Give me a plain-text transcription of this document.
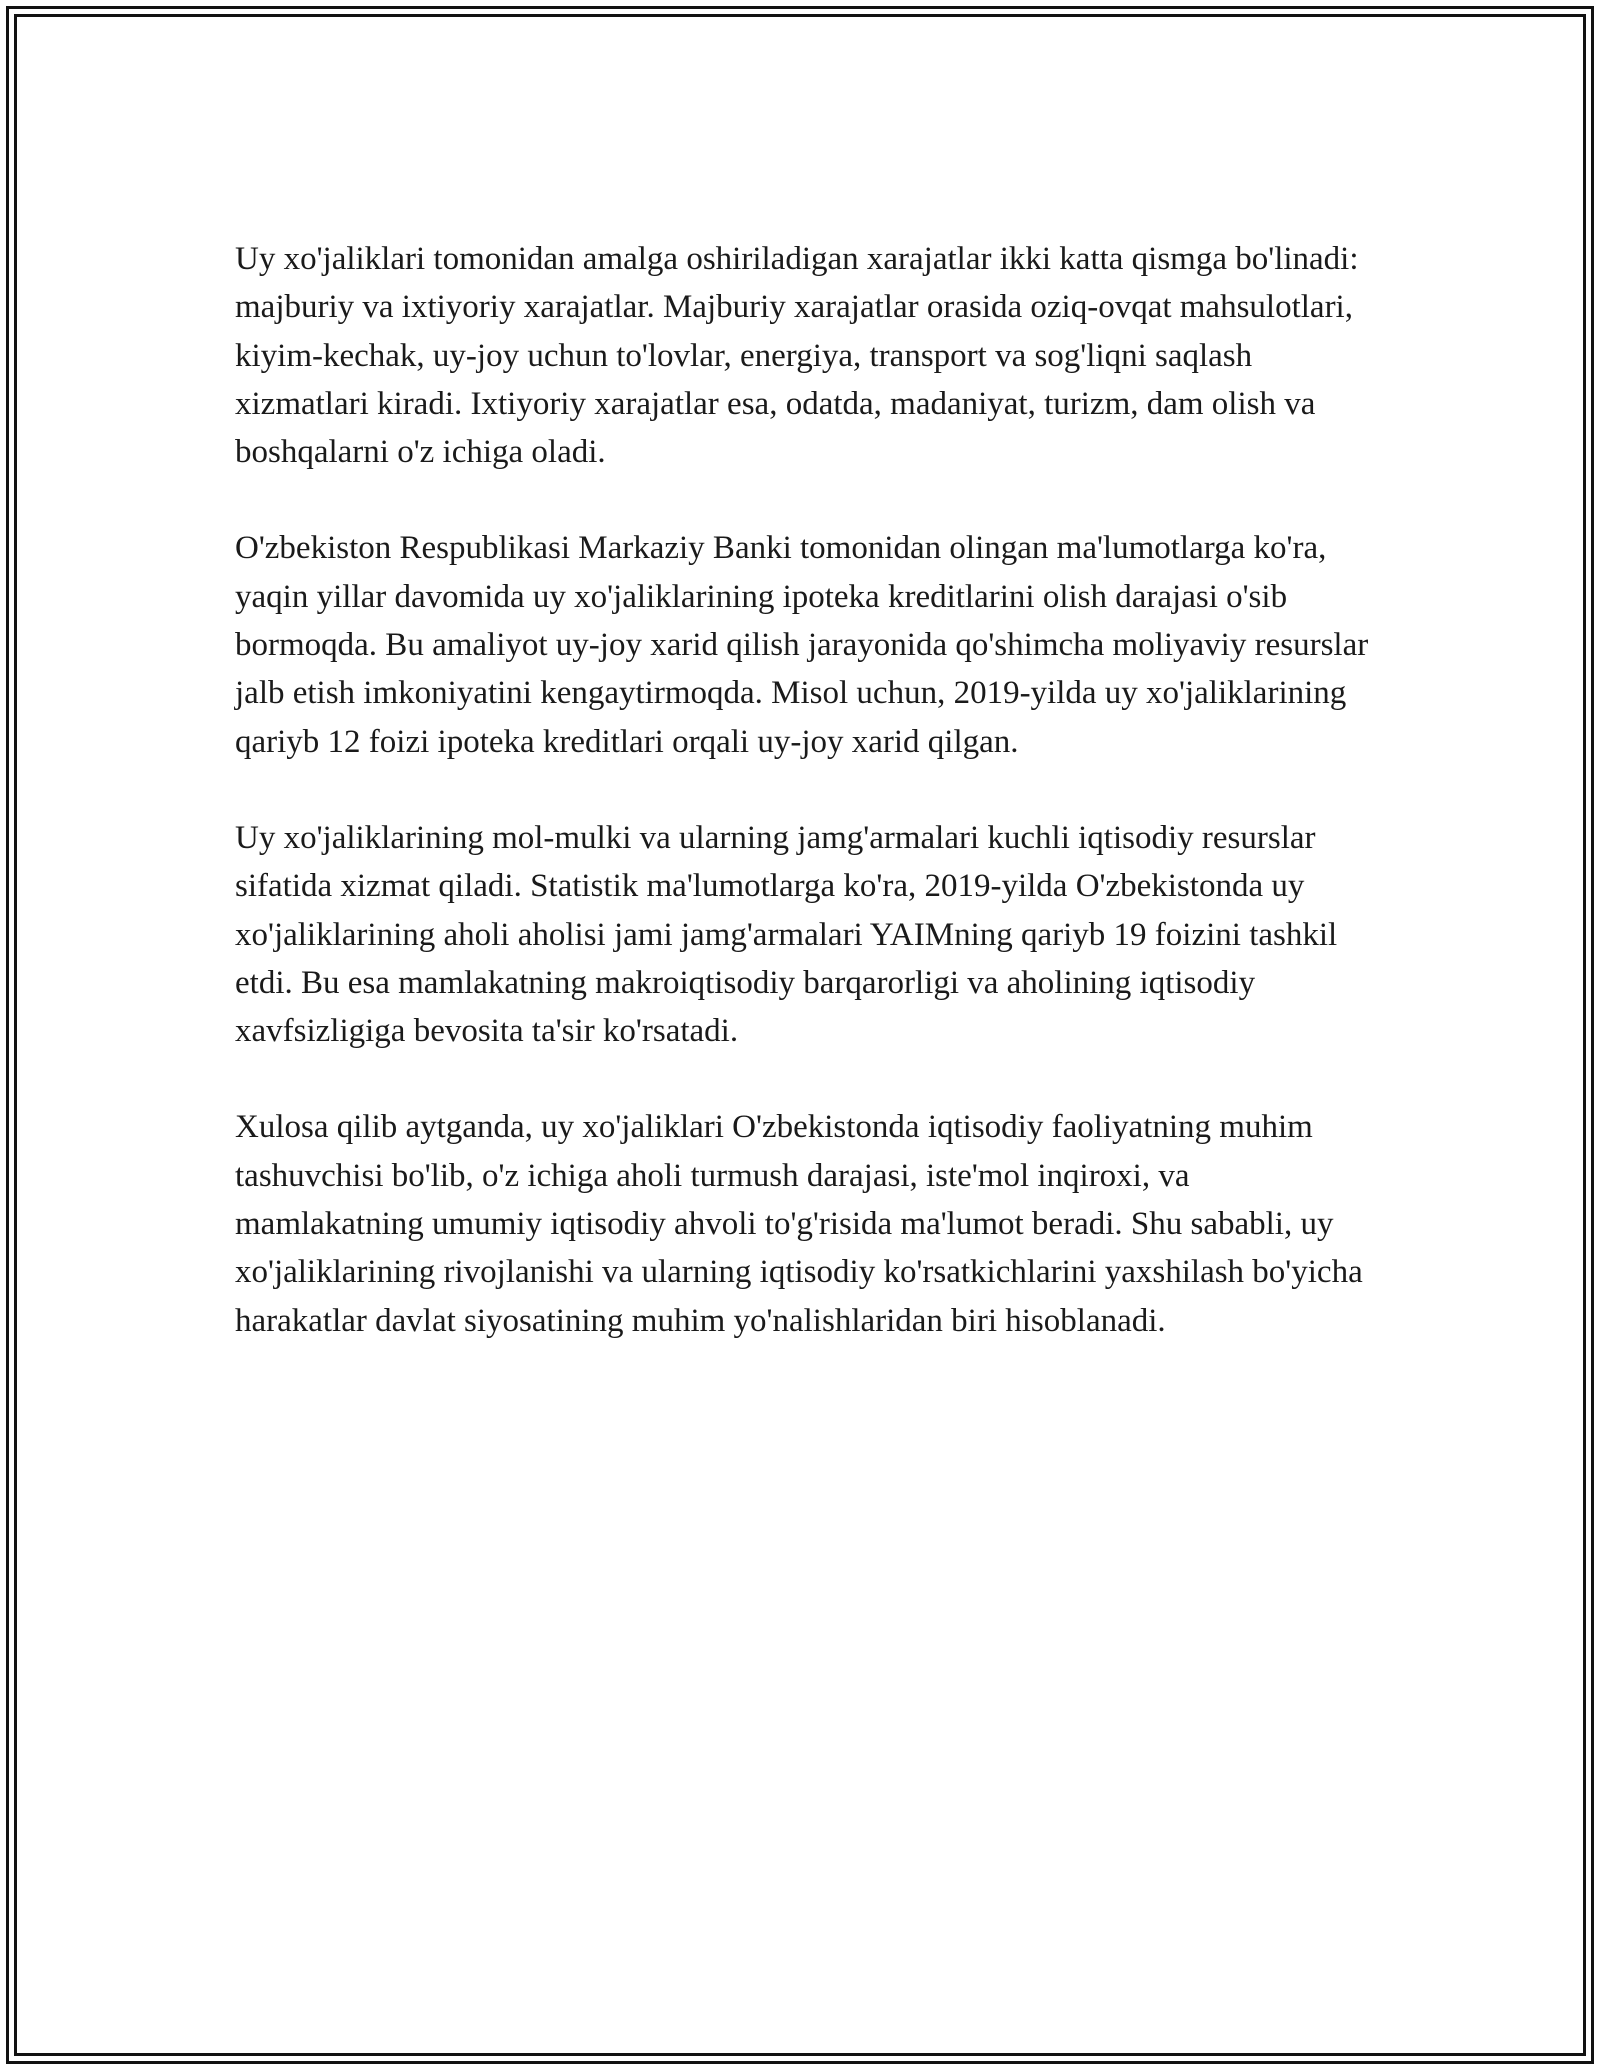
Uy xo'jaliklari tomonidan amalga oshiriladigan xarajatlar ikki katta qismga bo'linadi: majburiy va ixtiyoriy xarajatlar. Majburiy xarajatlar orasida oziq-ovqat mahsulotlari, kiyim-kechak, uy-joy uchun to'lovlar, energiya, transport va sog'liqni saqlash xizmatlari kiradi. Ixtiyoriy xarajatlar esa, odatda, madaniyat, turizm, dam olish va boshqalarni o'z ichiga oladi.

O'zbekiston Respublikasi Markaziy Banki tomonidan olingan ma'lumotlarga ko'ra, yaqin yillar davomida uy xo'jaliklarining ipoteka kreditlarini olish darajasi o'sib bormoqda. Bu amaliyot uy-joy xarid qilish jarayonida qo'shimcha moliyaviy resurslar jalb etish imkoniyatini kengaytirmoqda. Misol uchun, 2019-yilda uy xo'jaliklarining qariyb 12 foizi ipoteka kreditlari orqali uy-joy xarid qilgan.

Uy xo'jaliklarining mol-mulki va ularning jamg'armalari kuchli iqtisodiy resurslar sifatida xizmat qiladi. Statistik ma'lumotlarga ko'ra, 2019-yilda O'zbekistonda uy xo'jaliklarining aholi aholisi jami jamg'armalari YAIMning qariyb 19 foizini tashkil etdi. Bu esa mamlakatning makroiqtisodiy barqarorligi va aholining iqtisodiy xavfsizligiga bevosita ta'sir ko'rsatadi.

Xulosa qilib aytganda, uy xo'jaliklari O'zbekistonda iqtisodiy faoliyatning muhim tashuvchisi bo'lib, o'z ichiga aholi turmush darajasi, iste'mol inqiroxi, va mamlakatning umumiy iqtisodiy ahvoli to'g'risida ma'lumot beradi. Shu sababli, uy xo'jaliklarining rivojlanishi va ularning iqtisodiy ko'rsatkichlarini yaxshilash bo'yicha harakatlar davlat siyosatining muhim yo'nalishlaridan biri hisoblanadi.
